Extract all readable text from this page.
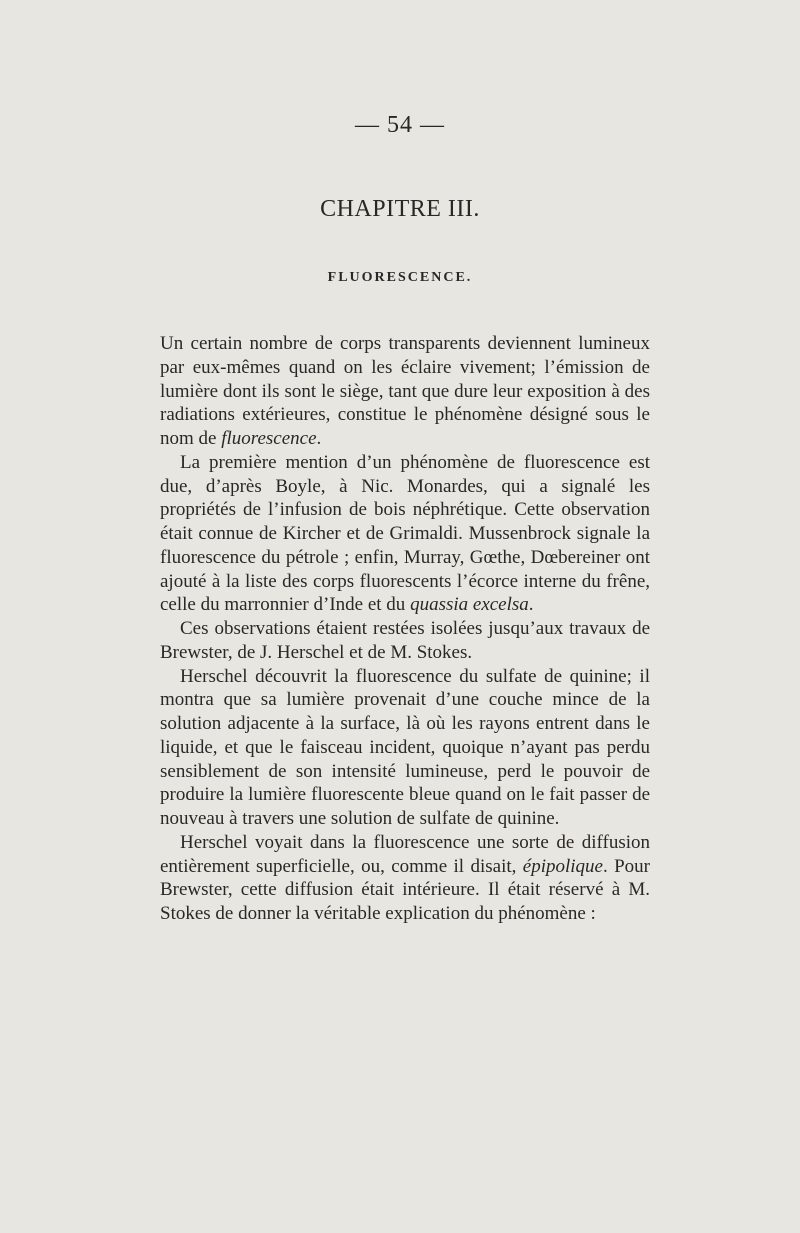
— 54 —
CHAPITRE III.
FLUORESCENCE.

Un certain nombre de corps transparents deviennent lumineux par eux-mêmes quand on les éclaire vivement; l’émission de lumière dont ils sont le siège, tant que dure leur exposition à des radiations extérieures, constitue le phénomène désigné sous le nom de fluorescence.

La première mention d’un phénomène de fluorescence est due, d’après Boyle, à Nic. Monardes, qui a signalé les propriétés de l’infusion de bois néphrétique. Cette observation était connue de Kircher et de Grimaldi. Mussenbrock signale la fluorescence du pétrole ; enfin, Murray, Gœthe, Dœbereiner ont ajouté à la liste des corps fluorescents l’écorce interne du frêne, celle du marronnier d’Inde et du quassia excelsa.

Ces observations étaient restées isolées jusqu’aux travaux de Brewster, de J. Herschel et de M. Stokes.

Herschel découvrit la fluorescence du sulfate de quinine; il montra que sa lumière provenait d’une couche mince de la solution adjacente à la surface, là où les rayons entrent dans le liquide, et que le faisceau incident, quoique n’ayant pas perdu sensiblement de son intensité lumineuse, perd le pouvoir de produire la lumière fluorescente bleue quand on le fait passer de nouveau à travers une solution de sulfate de quinine.

Herschel voyait dans la fluorescence une sorte de diffusion entièrement superficielle, ou, comme il disait, épipolique. Pour Brewster, cette diffusion était intérieure. Il était réservé à M. Stokes de donner la véritable explication du phénomène :
